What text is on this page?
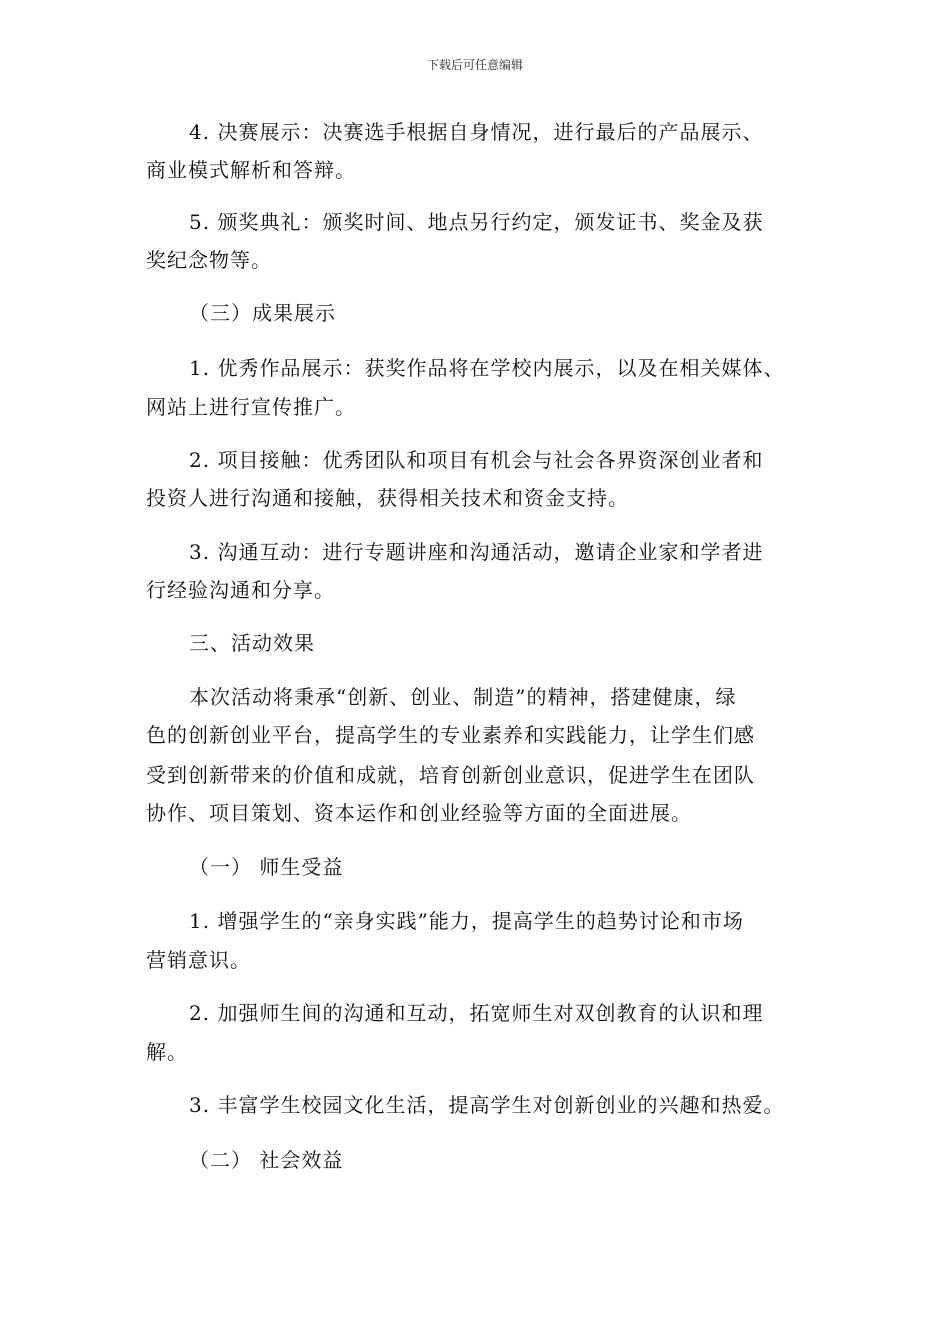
下载后可任意编辑
4. 决赛展示：决赛选手根据自身情况，进行最后的产品展示、
商业模式解析和答辩。
5. 颁奖典礼：颁奖时间、地点另行约定，颁发证书、奖金及获
奖纪念物等。
（三）成果展示
1. 优秀作品展示：获奖作品将在学校内展示，以及在相关媒体、
网站上进行宣传推广。
2. 项目接触：优秀团队和项目有机会与社会各界资深创业者和
投资人进行沟通和接触，获得相关技术和资金支持。
3. 沟通互动：进行专题讲座和沟通活动，邀请企业家和学者进
行经验沟通和分享。
三、活动效果
本次活动将秉承“创新、创业、制造”的精神，搭建健康，绿
色的创新创业平台，提高学生的专业素养和实践能力，让学生们感
受到创新带来的价值和成就，培育创新创业意识，促进学生在团队
协作、项目策划、资本运作和创业经验等方面的全面进展。
（一） 师生受益
1. 增强学生的“亲身实践”能力，提高学生的趋势讨论和市场
营销意识。
2. 加强师生间的沟通和互动，拓宽师生对双创教育的认识和理
解。
3. 丰富学生校园文化生活，提高学生对创新创业的兴趣和热爱。
（二） 社会效益
